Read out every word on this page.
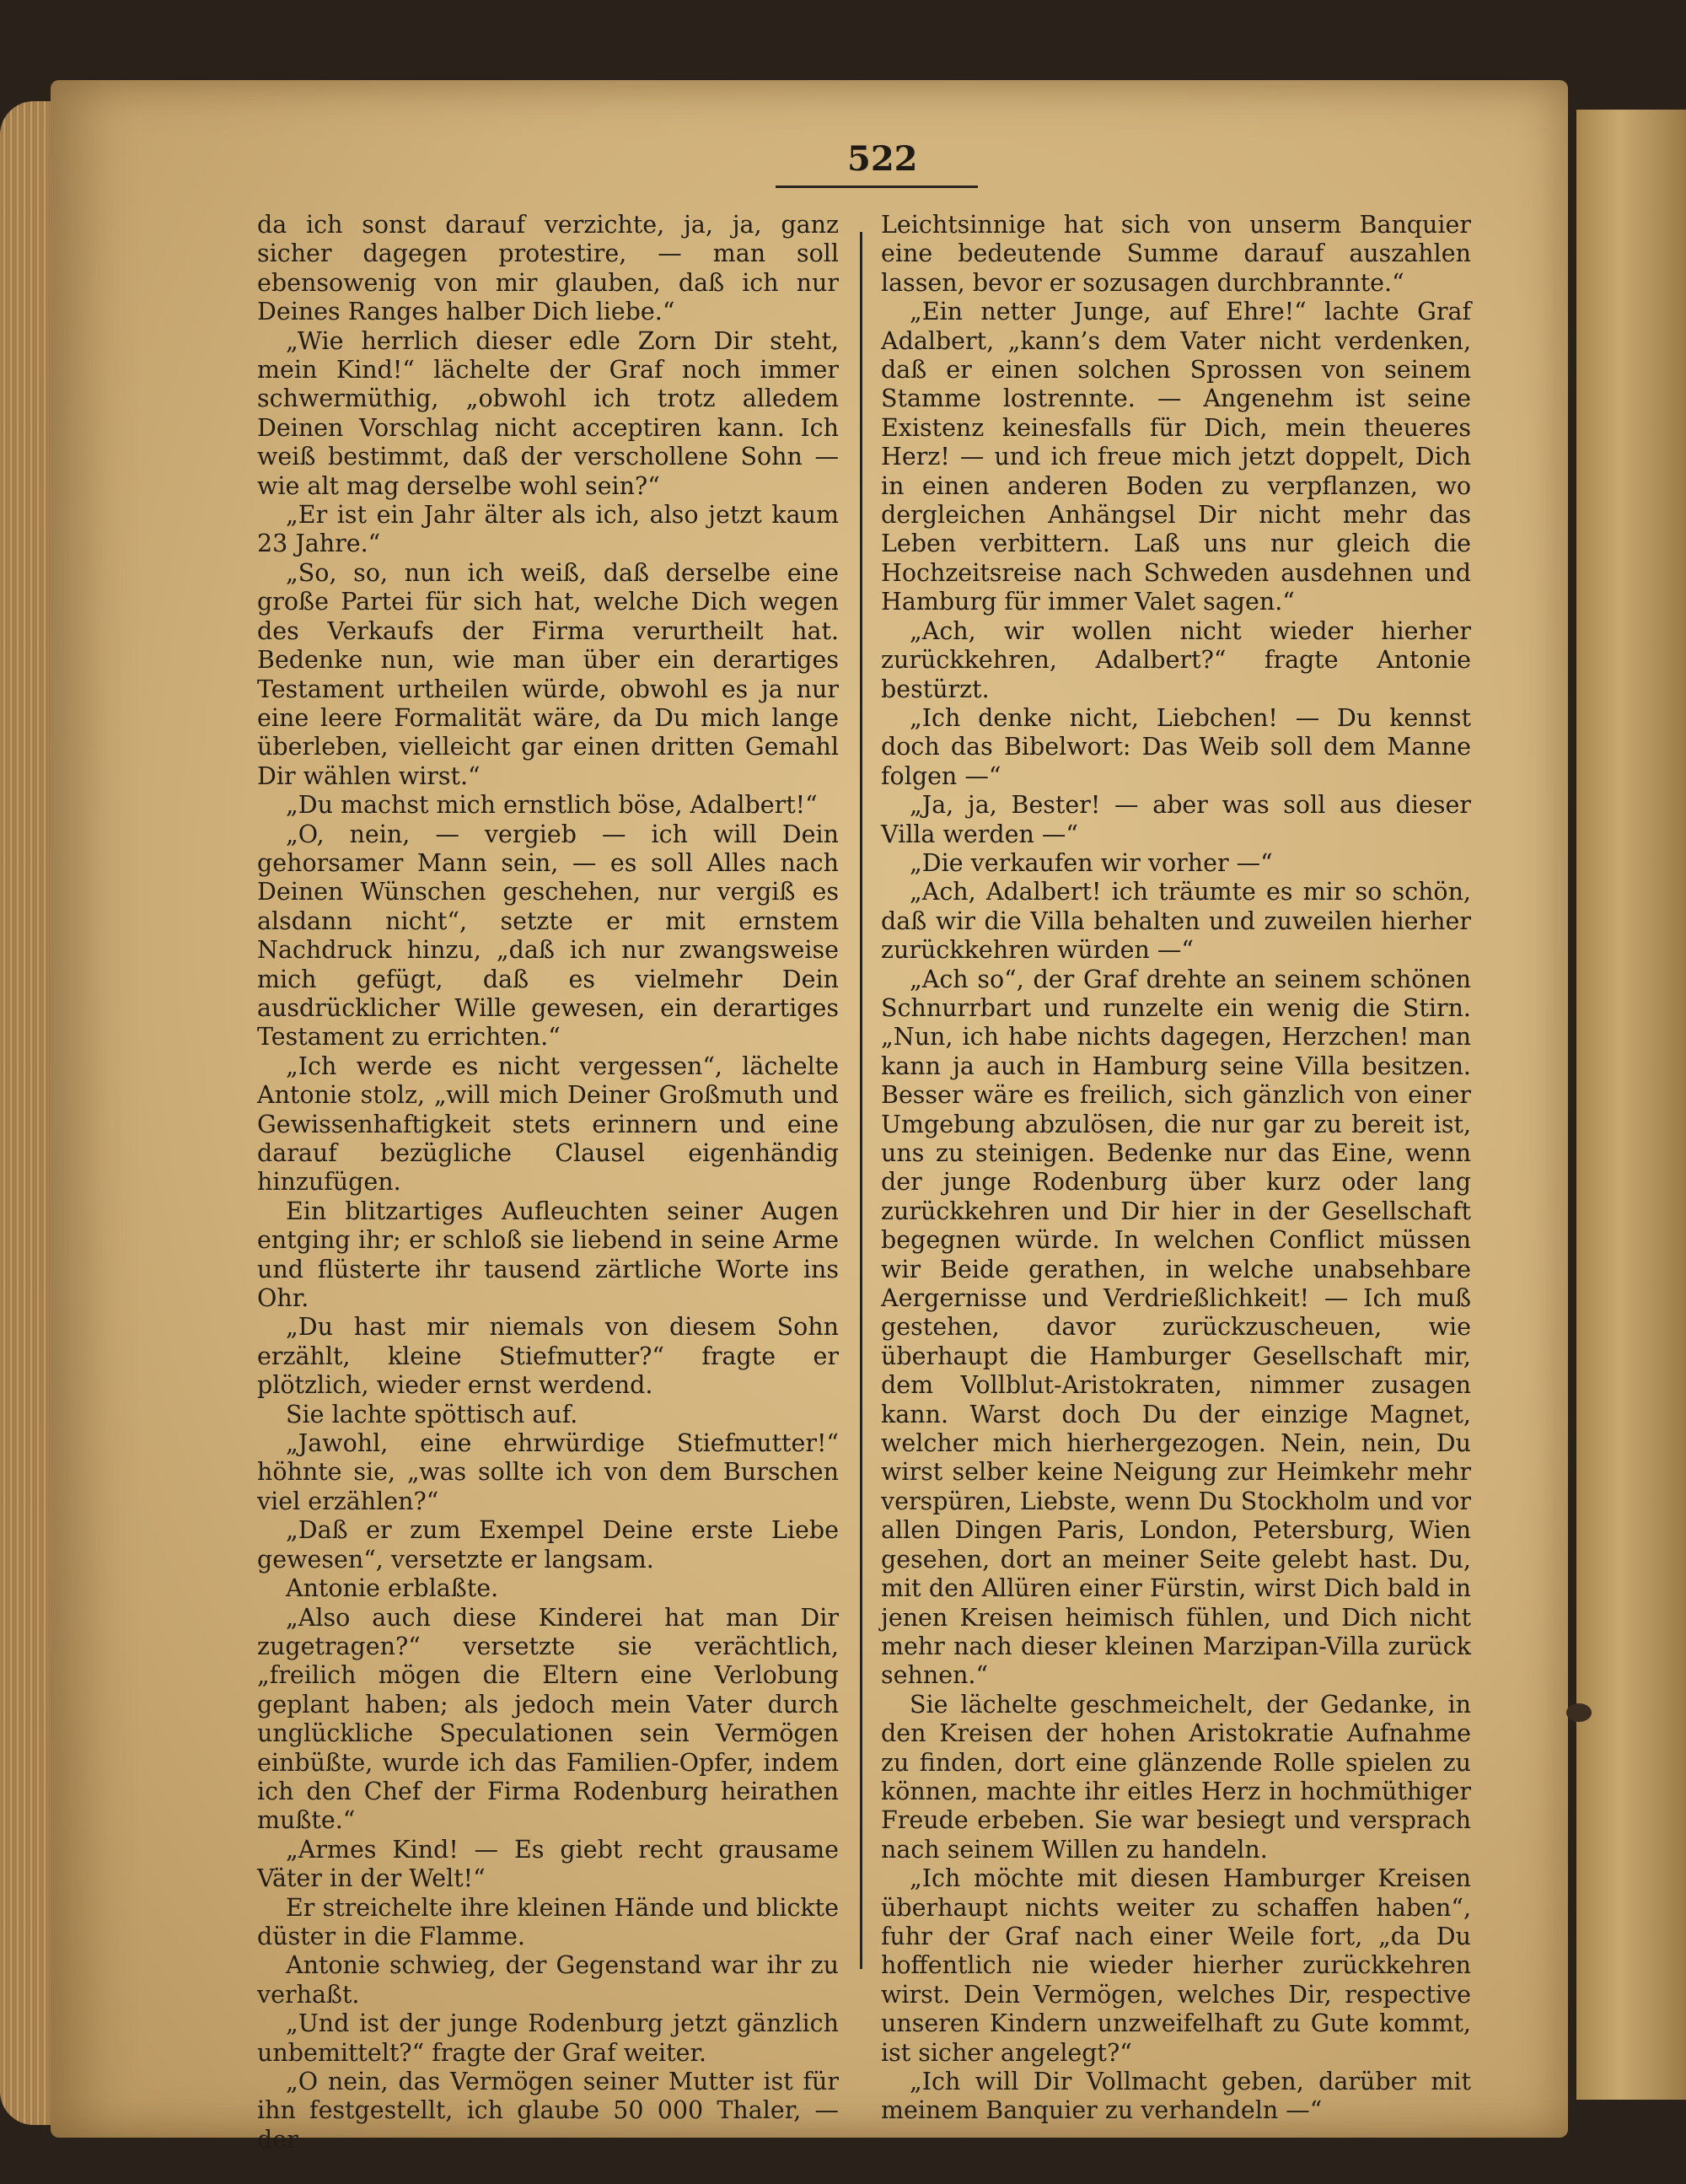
522

da ich sonst darauf verzichte, ja, ja, ganz sicher dagegen protestire, — man soll ebensowenig von mir glauben, daß ich nur Deines Ranges halber Dich liebe.“

„Wie herrlich dieser edle Zorn Dir steht, mein Kind!“ lächelte der Graf noch immer schwermüthig, „obwohl ich trotz alledem Deinen Vorschlag nicht acceptiren kann. Ich weiß bestimmt, daß der verschollene Sohn — wie alt mag derselbe wohl sein?“

„Er ist ein Jahr älter als ich, also jetzt kaum 23 Jahre.“

„So, so, nun ich weiß, daß derselbe eine große Partei für sich hat, welche Dich wegen des Verkaufs der Firma verurtheilt hat. Bedenke nun, wie man über ein derartiges Testament urtheilen würde, obwohl es ja nur eine leere Formalität wäre, da Du mich lange überleben, vielleicht gar einen dritten Gemahl Dir wählen wirst.“

„Du machst mich ernstlich böse, Adalbert!“

„O, nein, — vergieb — ich will Dein gehorsamer Mann sein, — es soll Alles nach Deinen Wünschen geschehen, nur vergiß es alsdann nicht“, setzte er mit ernstem Nachdruck hinzu, „daß ich nur zwangsweise mich gefügt, daß es vielmehr Dein ausdrücklicher Wille gewesen, ein derartiges Testament zu errichten.“

„Ich werde es nicht vergessen“, lächelte Antonie stolz, „will mich Deiner Großmuth und Gewissenhaftigkeit stets erinnern und eine darauf bezügliche Clausel eigenhändig hinzufügen.

Ein blitzartiges Aufleuchten seiner Augen entging ihr; er schloß sie liebend in seine Arme und flüsterte ihr tausend zärtliche Worte ins Ohr.

„Du hast mir niemals von diesem Sohn erzählt, kleine Stiefmutter?“ fragte er plötzlich, wieder ernst werdend.

Sie lachte spöttisch auf.

„Jawohl, eine ehrwürdige Stiefmutter!“ höhnte sie, „was sollte ich von dem Burschen viel erzählen?“

„Daß er zum Exempel Deine erste Liebe gewesen“, versetzte er langsam.

Antonie erblaßte.

„Also auch diese Kinderei hat man Dir zugetragen?“ versetzte sie verächtlich, „freilich mögen die Eltern eine Verlobung geplant haben; als jedoch mein Vater durch unglückliche Speculationen sein Vermögen einbüßte, wurde ich das Familien-Opfer, indem ich den Chef der Firma Rodenburg heirathen mußte.“

„Armes Kind! — Es giebt recht grausame Väter in der Welt!“

Er streichelte ihre kleinen Hände und blickte düster in die Flamme.

Antonie schwieg, der Gegenstand war ihr zu verhaßt.

„Und ist der junge Rodenburg jetzt gänzlich unbemittelt?“ fragte der Graf weiter.

„O nein, das Vermögen seiner Mutter ist für ihn festgestellt, ich glaube 50 000 Thaler, — der

Leichtsinnige hat sich von unserm Banquier eine bedeutende Summe darauf auszahlen lassen, bevor er sozusagen durchbrannte.“

„Ein netter Junge, auf Ehre!“ lachte Graf Adalbert, „kann’s dem Vater nicht verdenken, daß er einen solchen Sprossen von seinem Stamme lostrennte. — Angenehm ist seine Existenz keinesfalls für Dich, mein theueres Herz! — und ich freue mich jetzt doppelt, Dich in einen anderen Boden zu verpflanzen, wo dergleichen Anhängsel Dir nicht mehr das Leben verbittern. Laß uns nur gleich die Hochzeitsreise nach Schweden ausdehnen und Hamburg für immer Valet sagen.“

„Ach, wir wollen nicht wieder hierher zurückkehren, Adalbert?“ fragte Antonie bestürzt.

„Ich denke nicht, Liebchen! — Du kennst doch das Bibelwort: Das Weib soll dem Manne folgen —“

„Ja, ja, Bester! — aber was soll aus dieser Villa werden —“

„Die verkaufen wir vorher —“

„Ach, Adalbert! ich träumte es mir so schön, daß wir die Villa behalten und zuweilen hierher zurückkehren würden —“

„Ach so“, der Graf drehte an seinem schönen Schnurrbart und runzelte ein wenig die Stirn. „Nun, ich habe nichts dagegen, Herzchen! man kann ja auch in Hamburg seine Villa besitzen. Besser wäre es freilich, sich gänzlich von einer Umgebung abzulösen, die nur gar zu bereit ist, uns zu steinigen. Bedenke nur das Eine, wenn der junge Rodenburg über kurz oder lang zurückkehren und Dir hier in der Gesellschaft begegnen würde. In welchen Conflict müssen wir Beide gerathen, in welche unabsehbare Aergernisse und Verdrießlichkeit! — Ich muß gestehen, davor zurückzuscheuen, wie überhaupt die Hamburger Gesellschaft mir, dem Vollblut-Aristokraten, nimmer zusagen kann. Warst doch Du der einzige Magnet, welcher mich hierhergezogen. Nein, nein, Du wirst selber keine Neigung zur Heimkehr mehr verspüren, Liebste, wenn Du Stockholm und vor allen Dingen Paris, London, Petersburg, Wien gesehen, dort an meiner Seite gelebt hast. Du, mit den Allüren einer Fürstin, wirst Dich bald in jenen Kreisen heimisch fühlen, und Dich nicht mehr nach dieser kleinen Marzipan-Villa zurück sehnen.“

Sie lächelte geschmeichelt, der Gedanke, in den Kreisen der hohen Aristokratie Aufnahme zu finden, dort eine glänzende Rolle spielen zu können, machte ihr eitles Herz in hochmüthiger Freude erbeben. Sie war besiegt und versprach nach seinem Willen zu handeln.

„Ich möchte mit diesen Hamburger Kreisen überhaupt nichts weiter zu schaffen haben“, fuhr der Graf nach einer Weile fort, „da Du hoffentlich nie wieder hierher zurückkehren wirst. Dein Vermögen, welches Dir, respective unseren Kindern unzweifelhaft zu Gute kommt, ist sicher angelegt?“

„Ich will Dir Vollmacht geben, darüber mit meinem Banquier zu verhandeln —“
